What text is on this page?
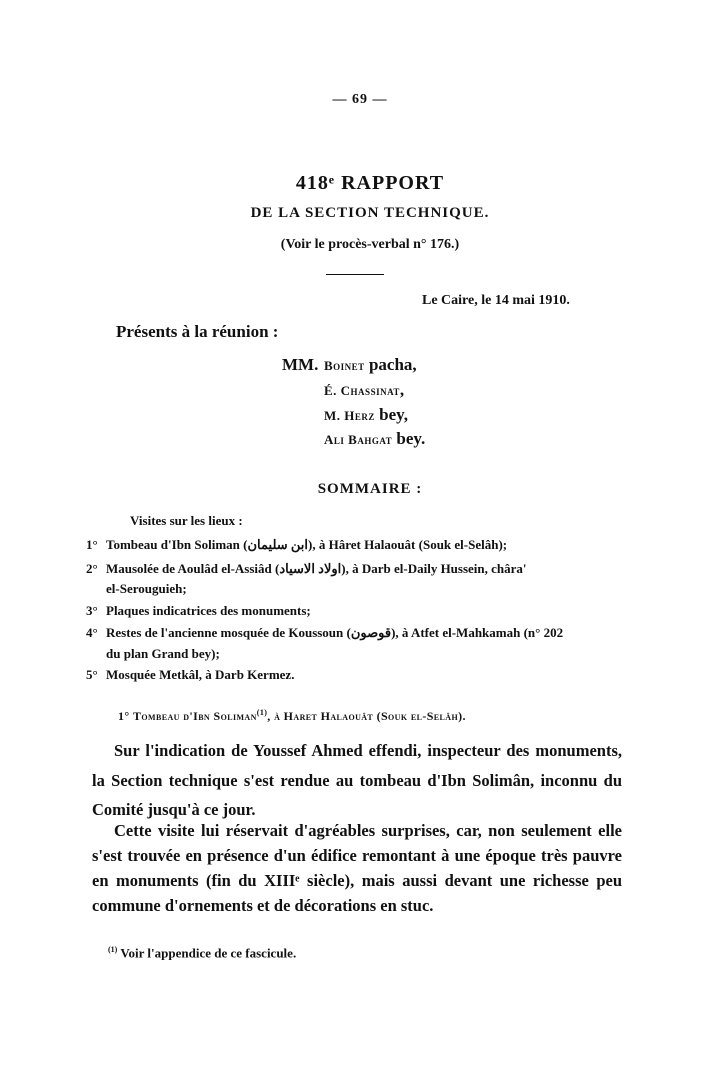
— 69 —
418ᵉ RAPPORT
DE LA SECTION TECHNIQUE.
(Voir le procès-verbal n° 176.)
Le Caire, le 14 mai 1910.
Présents à la réunion :
MM. Boinet pacha,
É. Chassinat,
M. Herz bey,
Ali Bahgat bey.
SOMMAIRE :
Visites sur les lieux :
1° Tombeau d'Ibn Soliman (ابن سليمان), à Hâret Halaouât (Souk el-Selâh);
2° Mausolée de Aoulâd el-Assiâd (اولاد الاسياد), à Darb el-Daily Hussein, châra'
el-Serouguieh;
3° Plaques indicatrices des monuments;
4° Restes de l'ancienne mosquée de Koussoun (قوصون), à Atfet el-Mahkamah (n° 202
du plan Grand bey);
5° Mosquée Metkâl, à Darb Kermez.
1° Tombeau d'Ibn Soliman$^{(1)}$, à Haret Halaouât (Souk el-Selâh).
Sur l'indication de Youssef Ahmed effendi, inspecteur des monuments,
la Section technique s'est rendue au tombeau d'Ibn Solimân, inconnu du
Comité jusqu'à ce jour.
Cette visite lui réservait d'agréables surprises, car, non seulement elle
s'est trouvée en présence d'un édifice remontant à une époque très pauvre
en monuments (fin du XIIIᵉ siècle), mais aussi devant une richesse peu
commune d'ornements et de décorations en stuc.
$^{(1)}$ Voir l'appendice de ce fascicule.
